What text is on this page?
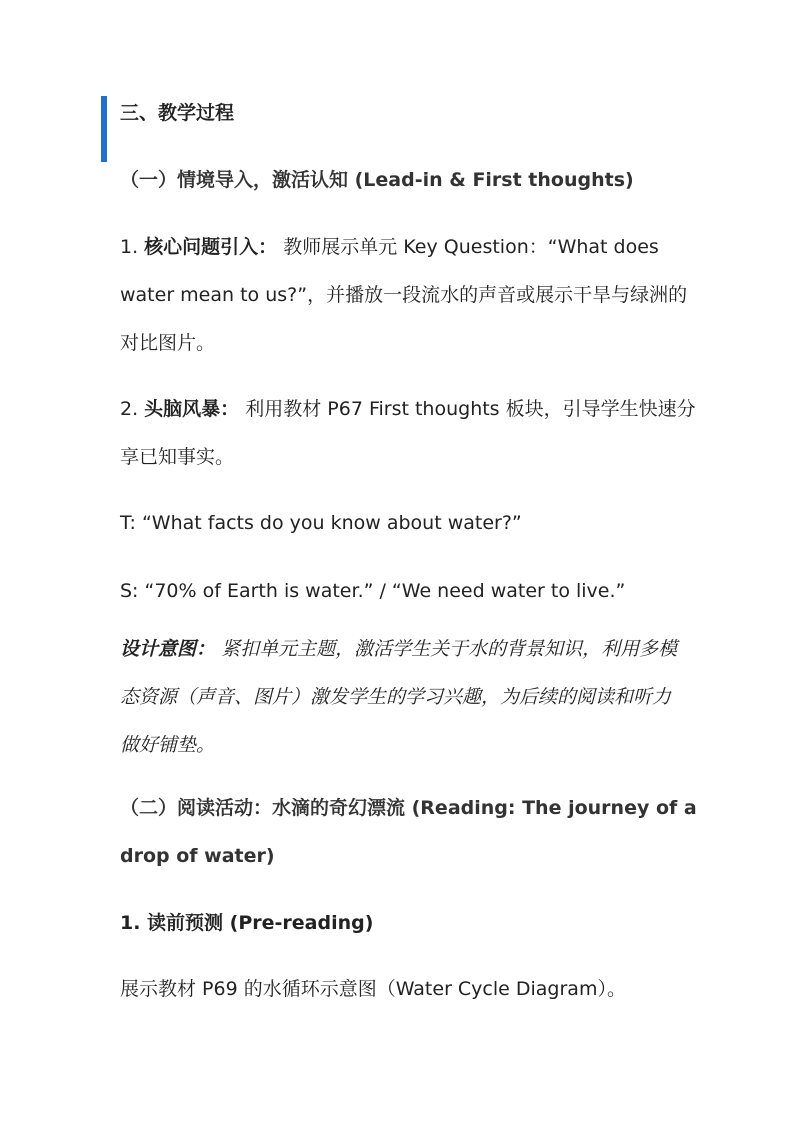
三、教学过程
（一）情境导入，激活认知 (Lead-in & First thoughts)
1. 核心问题引入： 教师展示单元 Key Question：“What does
water mean to us?”，并播放一段流水的声音或展示干旱与绿洲的
对比图片。
2. 头脑风暴： 利用教材 P67 First thoughts 板块，引导学生快速分
享已知事实。
T: “What facts do you know about water?”
S: “70% of Earth is water.” / “We need water to live.”
设计意图： 紧扣单元主题，激活学生关于水的背景知识，利用多模
态资源（声音、图片）激发学生的学习兴趣，为后续的阅读和听力
做好铺垫。
（二）阅读活动：水滴的奇幻漂流 (Reading: The journey of a
drop of water)
1. 读前预测 (Pre-reading)
展示教材 P69 的水循环示意图（Water Cycle Diagram）。
